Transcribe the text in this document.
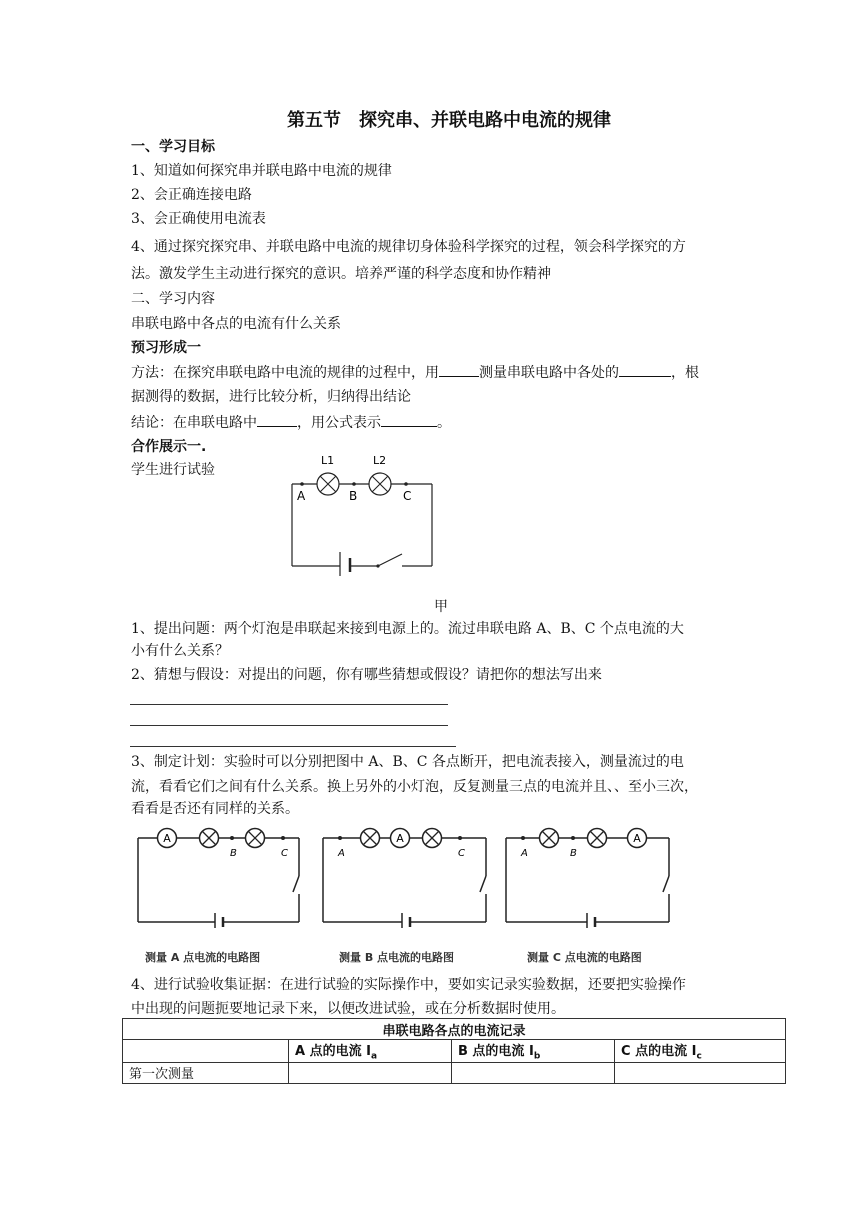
第五节　探究串、并联电路中电流的规律
一、学习目标
1、知道如何探究串并联电路中电流的规律
2、会正确连接电路
3、会正确使用电流表
4、通过探究探究串、并联电路中电流的规律切身体验科学探究的过程，领会科学探究的方
法。激发学生主动进行探究的意识。培养严谨的科学态度和协作精神
二、学习内容
串联电路中各点的电流有什么关系
预习形成一
方法：在探究串联电路中电流的规律的过程中，用	测量串联电路中各处的	，根
据测得的数据，进行比较分析，归纳得出结论
结论：在串联电路中	，用公式表示	。
合作展示一.
学生进行试验
L1	L2
A	B	C
甲
1、提出问题：两个灯泡是串联起来接到电源上的。流过串联电路 A、B、C 个点电流的大
小有什么关系？
2、猜想与假设：对提出的问题，你有哪些猜想或假设？请把你的想法写出来
3、制定计划：实验时可以分别把图中 A、B、C 各点断开，把电流表接入，测量流过的电
流，看看它们之间有什么关系。换上另外的小灯泡，反复测量三点的电流并且、、至小三次，
看看是否还有同样的关系。
A
B	C
测量 A 点电流的电路图
A
A	C
测量 B 点电流的电路图
A
A	B
测量 C 点电流的电路图
4、进行试验收集证据：在进行试验的实际操作中，要如实记录实验数据，还要把实验操作
中出现的问题扼要地记录下来，以便改进试验，或在分析数据时使用。
串联电路各点的电流记录			
	A 点的电流 $I_a$	B 点的电流 $I_b$	C 点的电流 $I_c$
第一次测量			
